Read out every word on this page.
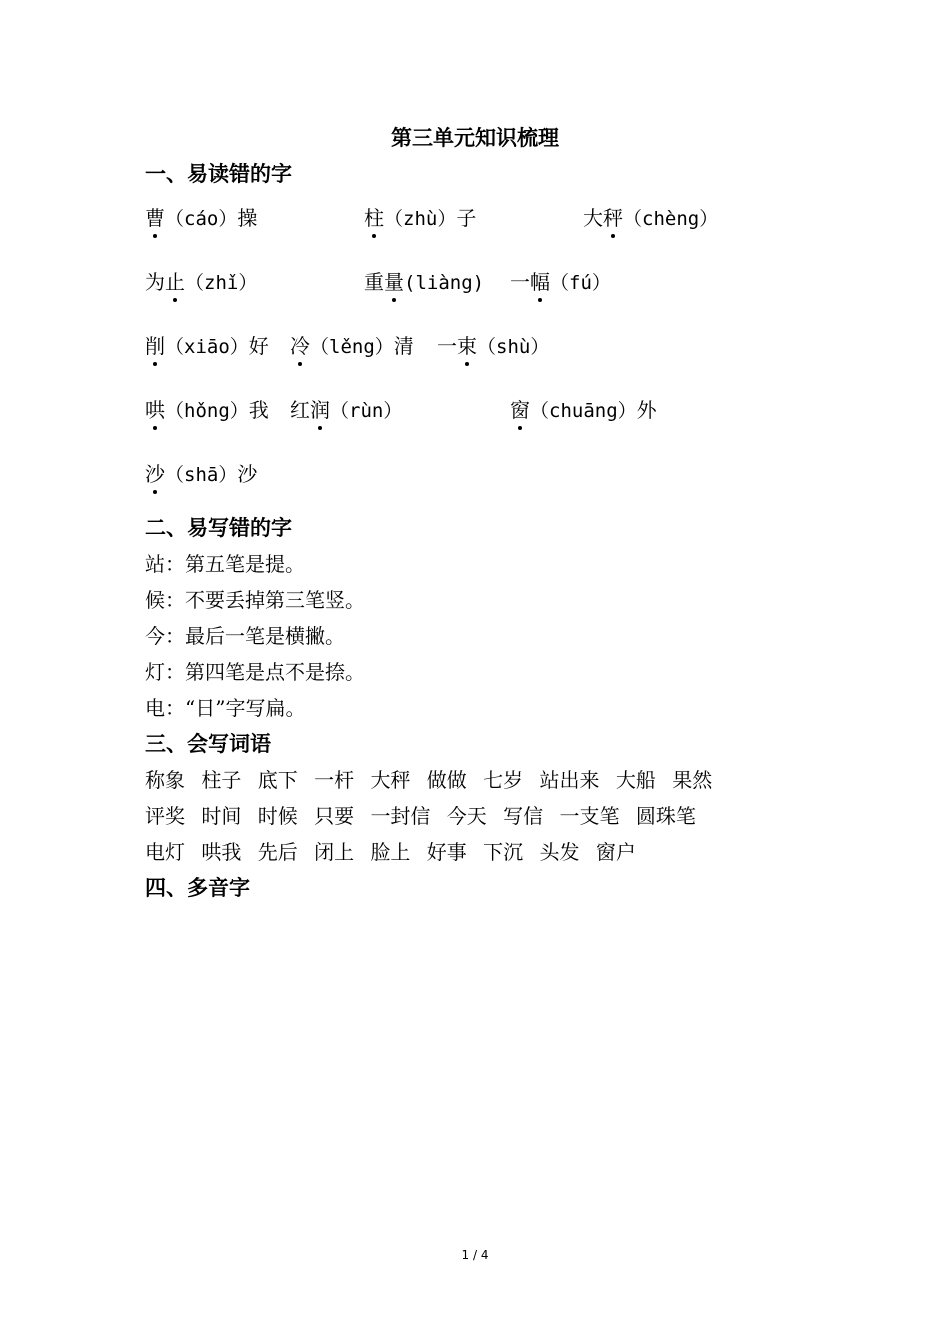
第三单元知识梳理
一、易读错的字
曹（cáo）操	柱（zhù）子	大秤（chèng）
为止（zhǐ）	重量(liàng) 一幅（fú）
削（xiāo）好 冷（lěng）清 一束（shù）
哄（hǒng）我 红润（rùn）	窗（chuāng）外
沙（shā）沙
二、易写错的字
站：第五笔是提。
候：不要丢掉第三笔竖。
今：最后一笔是横撇。
灯：第四笔是点不是捺。
电：“日”字写扁。
三、会写词语
称象 柱子 底下 一杆 大秤 做做 七岁 站出来 大船 果然
评奖 时间 时候 只要 一封信 今天 写信 一支笔 圆珠笔
电灯 哄我 先后 闭上 脸上 好事 下沉 头发 窗户
四、多音字
1 / 4
